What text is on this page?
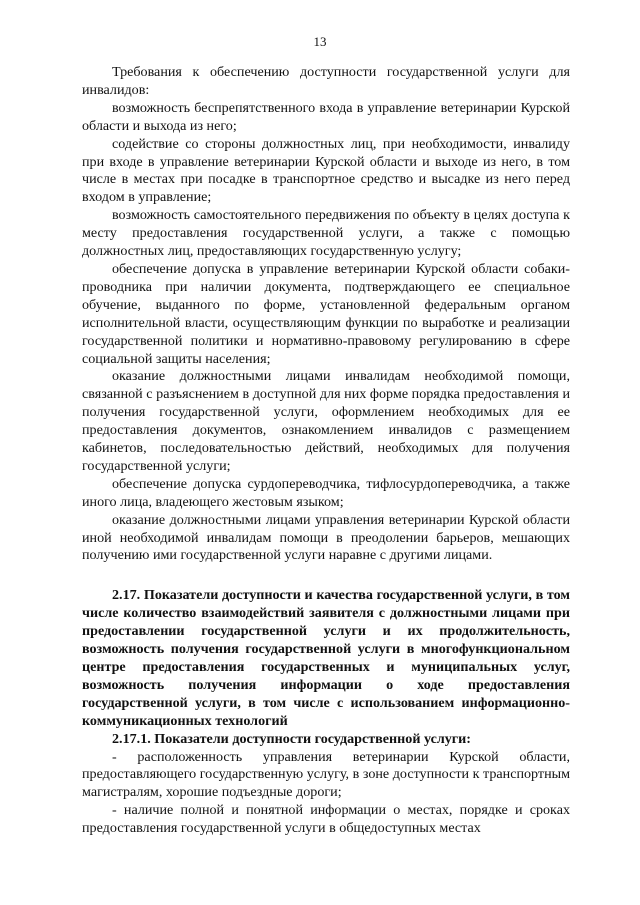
13

Требования к обеспечению доступности государственной услуги для инвалидов:

возможность беспрепятственного входа в управление ветеринарии Курской области и выхода из него;

содействие со стороны должностных лиц, при необходимости, инвалиду при входе в управление ветеринарии Курской области и выходе из него, в том числе в местах при посадке в транспортное средство и высадке из него перед входом в управление;

возможность самостоятельного передвижения по объекту в целях доступа к месту предоставления государственной услуги, а также с помощью должностных лиц, предоставляющих государственную услугу;

обеспечение допуска в управление ветеринарии Курской области собаки-проводника при наличии документа, подтверждающего ее специальное обучение, выданного по форме, установленной федеральным органом исполнительной власти, осуществляющим функции по выработке и реализации государственной политики и нормативно-правовому регулированию в сфере социальной защиты населения;

оказание должностными лицами инвалидам необходимой помощи, связанной с разъяснением в доступной для них форме порядка предоставления и получения государственной услуги, оформлением необходимых для ее предоставления документов, ознакомлением инвалидов с размещением кабинетов, последовательностью действий, необходимых для получения государственной услуги;

обеспечение допуска сурдопереводчика, тифлосурдопереводчика, а также иного лица, владеющего жестовым языком;

оказание должностными лицами управления ветеринарии Курской области иной необходимой инвалидам помощи в преодолении барьеров, мешающих получению ими государственной услуги наравне с другими лицами.

2.17. Показатели доступности и качества государственной услуги, в том числе количество взаимодействий заявителя с должностными лицами при предоставлении государственной услуги и их продолжительность, возможность получения государственной услуги в многофункциональном центре предоставления государственных и муниципальных услуг, возможность получения информации о ходе предоставления государственной услуги, в том числе с использованием информационно-коммуникационных технологий

2.17.1. Показатели доступности государственной услуги:

- расположенность управления ветеринарии Курской области, предоставляющего государственную услугу, в зоне доступности к транспортным магистралям, хорошие подъездные дороги;

- наличие полной и понятной информации о местах, порядке и сроках предоставления государственной услуги в общедоступных местах
